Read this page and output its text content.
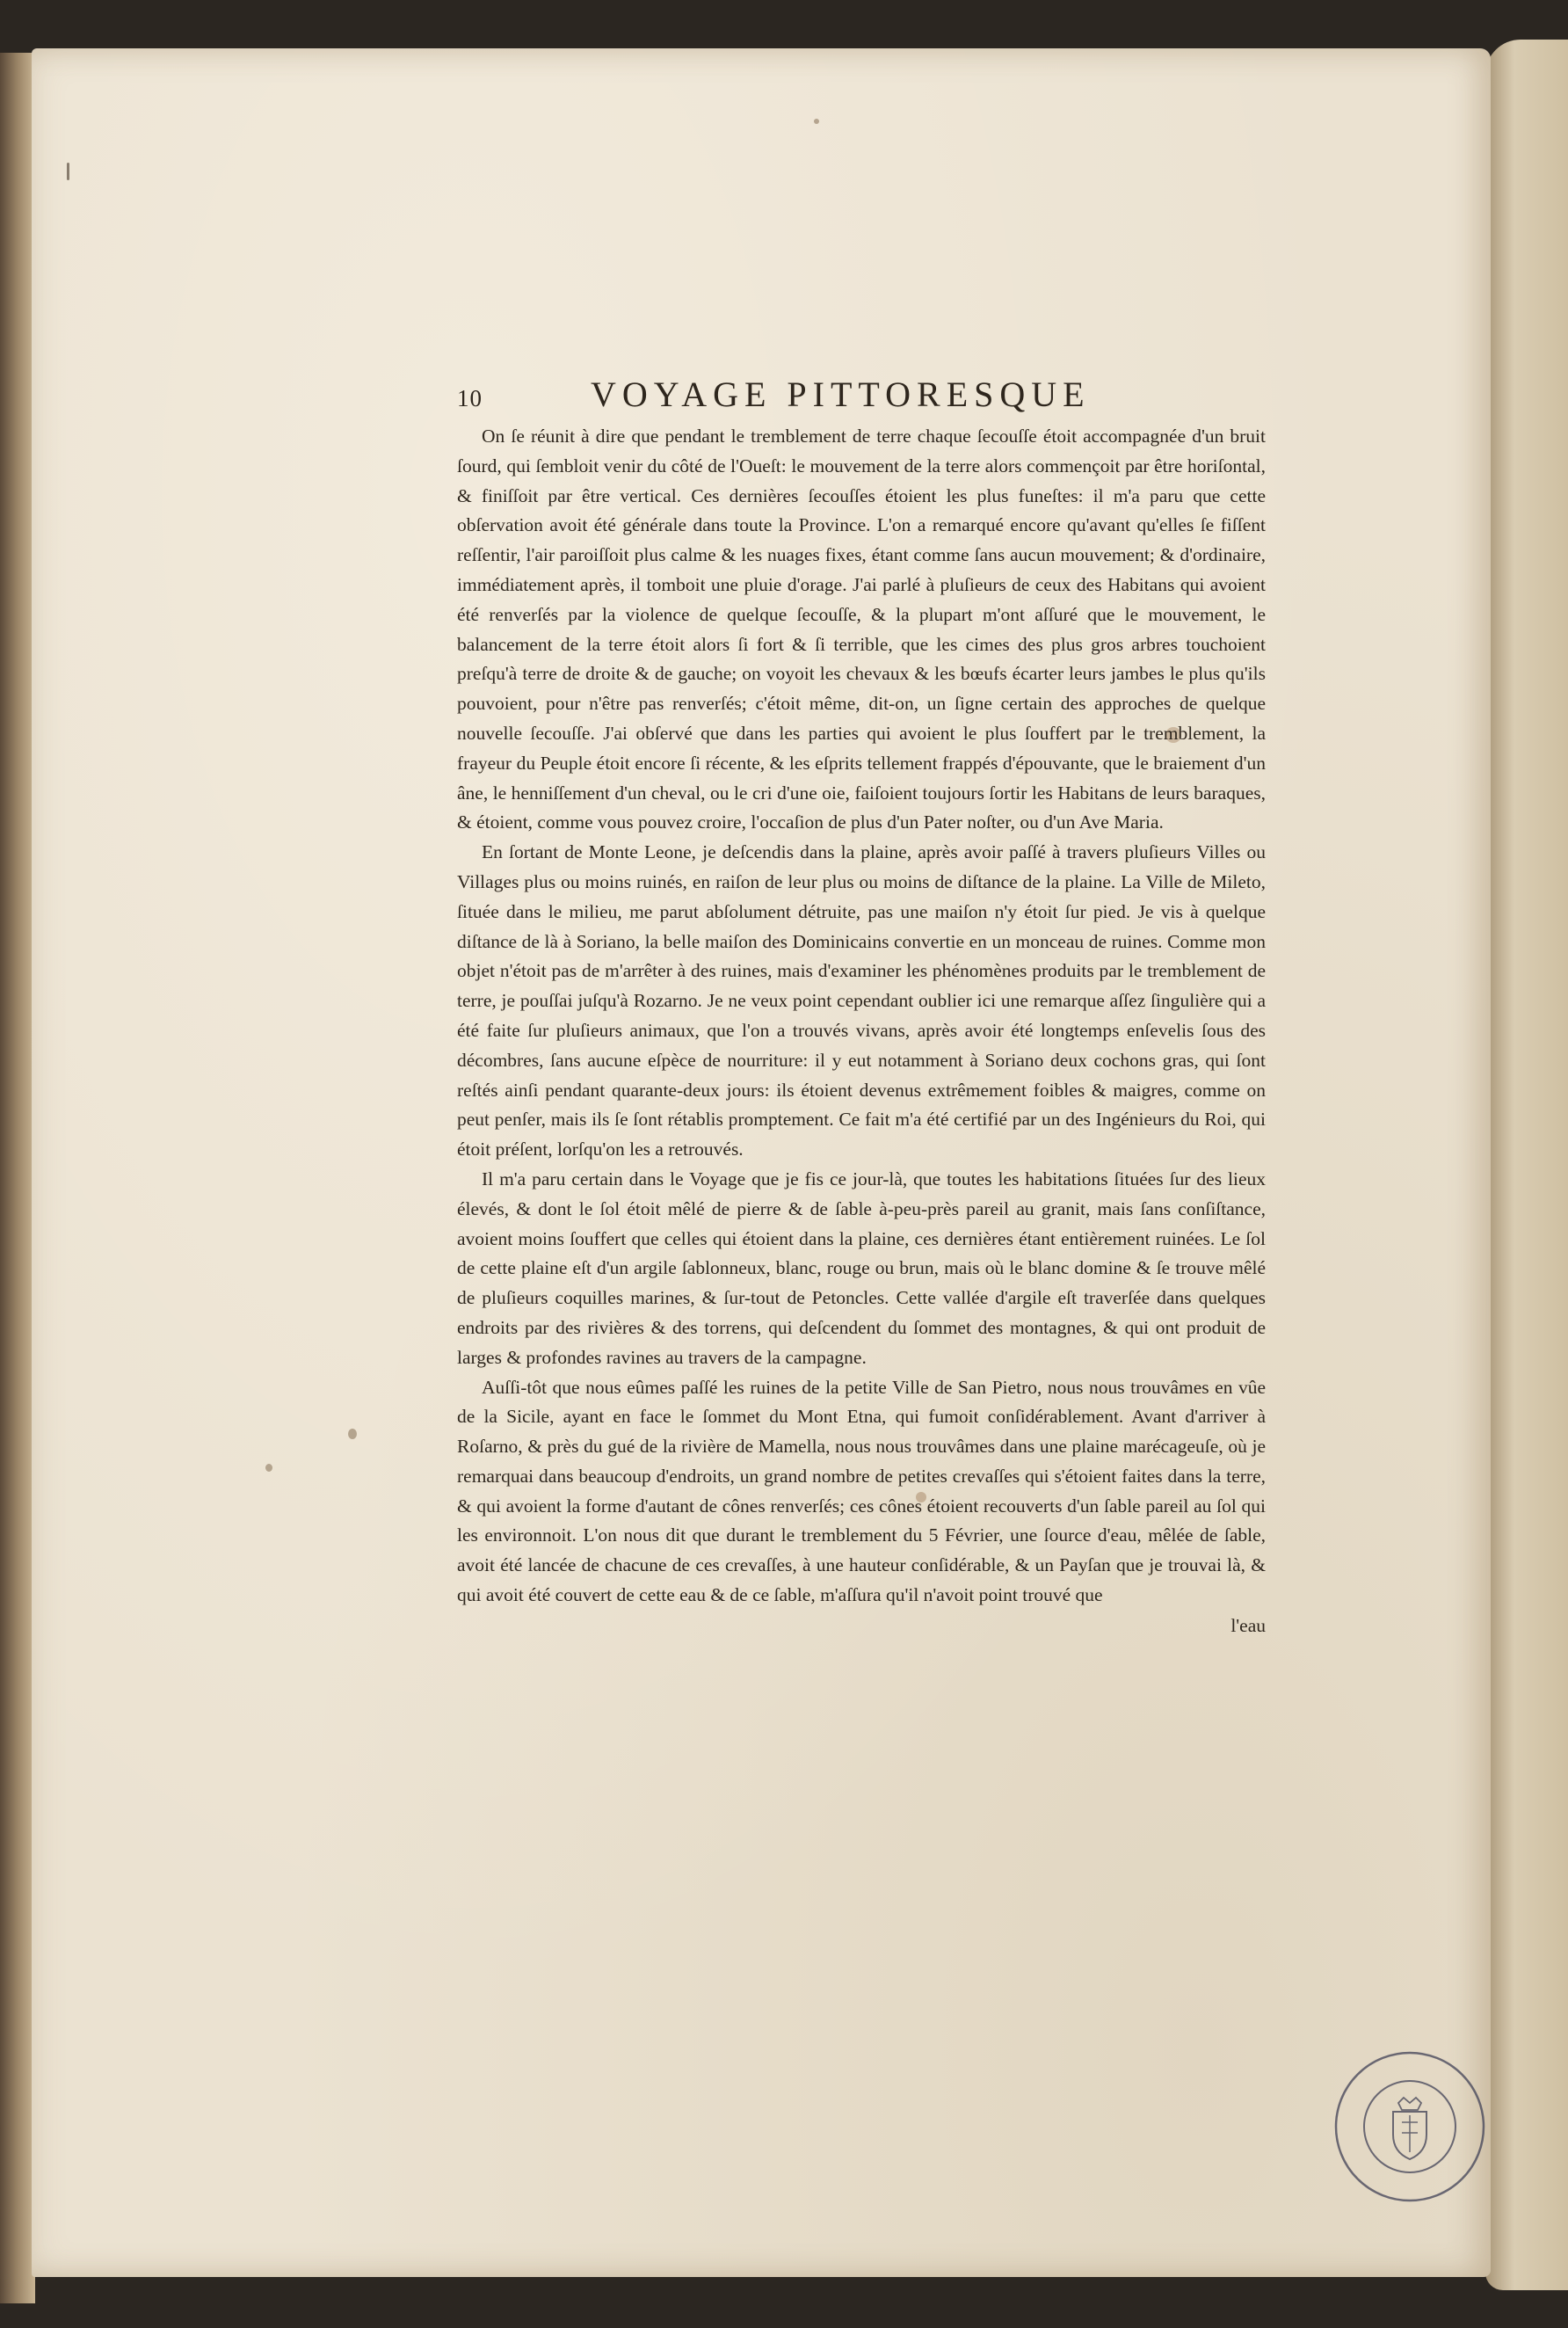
10	VOYAGE PITTORESQUE

On ſe réunit à dire que pendant le tremblement de terre chaque ſecouſſe étoit accompagnée d'un bruit ſourd, qui ſembloit venir du côté de l'Oueſt: le mouvement de la terre alors commençoit par être horiſontal, & finiſſoit par être vertical. Ces dernières ſecouſſes étoient les plus funeſtes: il m'a paru que cette obſervation avoit été générale dans toute la Province. L'on a remarqué encore qu'avant qu'elles ſe fiſſent reſſentir, l'air paroiſſoit plus calme & les nuages fixes, étant comme ſans aucun mouvement; & d'ordinaire, immédiatement après, il tomboit une pluie d'orage. J'ai parlé à pluſieurs de ceux des Habitans qui avoient été renverſés par la violence de quelque ſecouſſe, & la plupart m'ont aſſuré que le mouvement, le balancement de la terre étoit alors ſi fort & ſi terrible, que les cimes des plus gros arbres touchoient preſqu'à terre de droite & de gauche; on voyoit les chevaux & les bœufs écarter leurs jambes le plus qu'ils pouvoient, pour n'être pas renverſés; c'étoit même, dit-on, un ſigne certain des approches de quelque nouvelle ſecouſſe. J'ai obſervé que dans les parties qui avoient le plus ſouffert par le tremblement, la frayeur du Peuple étoit encore ſi récente, & les eſprits tellement frappés d'épouvante, que le braiement d'un âne, le henniſſement d'un cheval, ou le cri d'une oie, faiſoient toujours ſortir les Habitans de leurs baraques, & étoient, comme vous pouvez croire, l'occaſion de plus d'un Pater noſter, ou d'un Ave Maria.

En ſortant de Monte Leone, je deſcendis dans la plaine, après avoir paſſé à travers pluſieurs Villes ou Villages plus ou moins ruinés, en raiſon de leur plus ou moins de diſtance de la plaine. La Ville de Mileto, ſituée dans le milieu, me parut abſolument détruite, pas une maiſon n'y étoit ſur pied. Je vis à quelque diſtance de là à Soriano, la belle maiſon des Dominicains convertie en un monceau de ruines. Comme mon objet n'étoit pas de m'arrêter à des ruines, mais d'examiner les phénomènes produits par le tremblement de terre, je pouſſai juſqu'à Rozarno. Je ne veux point cependant oublier ici une remarque aſſez ſingulière qui a été faite ſur pluſieurs animaux, que l'on a trouvés vivans, après avoir été longtemps enſevelis ſous des décombres, ſans aucune eſpèce de nourriture: il y eut notamment à Soriano deux cochons gras, qui ſont reſtés ainſi pendant quarante-deux jours: ils étoient devenus extrêmement foibles & maigres, comme on peut penſer, mais ils ſe ſont rétablis promptement. Ce fait m'a été certifié par un des Ingénieurs du Roi, qui étoit préſent, lorſqu'on les a retrouvés.

Il m'a paru certain dans le Voyage que je fis ce jour-là, que toutes les habitations ſituées ſur des lieux élevés, & dont le ſol étoit mêlé de pierre & de ſable à-peu-près pareil au granit, mais ſans conſiſtance, avoient moins ſouffert que celles qui étoient dans la plaine, ces dernières étant entièrement ruinées. Le ſol de cette plaine eſt d'un argile ſablonneux, blanc, rouge ou brun, mais où le blanc domine & ſe trouve mêlé de pluſieurs coquilles marines, & ſur-tout de Petoncles. Cette vallée d'argile eſt traverſée dans quelques endroits par des rivières & des torrens, qui deſcendent du ſommet des montagnes, & qui ont produit de larges & profondes ravines au travers de la campagne.

Auſſi-tôt que nous eûmes paſſé les ruines de la petite Ville de San Pietro, nous nous trouvâmes en vûe de la Sicile, ayant en face le ſommet du Mont Etna, qui fumoit conſidérablement. Avant d'arriver à Roſarno, & près du gué de la rivière de Mamella, nous nous trouvâmes dans une plaine marécageuſe, où je remarquai dans beaucoup d'endroits, un grand nombre de petites crevaſſes qui s'étoient faites dans la terre, & qui avoient la forme d'autant de cônes renverſés; ces cônes étoient recouverts d'un ſable pareil au ſol qui les environnoit. L'on nous dit que durant le tremblement du 5 Février, une ſource d'eau, mêlée de ſable, avoit été lancée de chacune de ces crevaſſes, à une hauteur conſidérable, & un Payſan que je trouvai là, & qui avoit été couvert de cette eau & de ce ſable, m'aſſura qu'il n'avoit point trouvé que

l'eau
